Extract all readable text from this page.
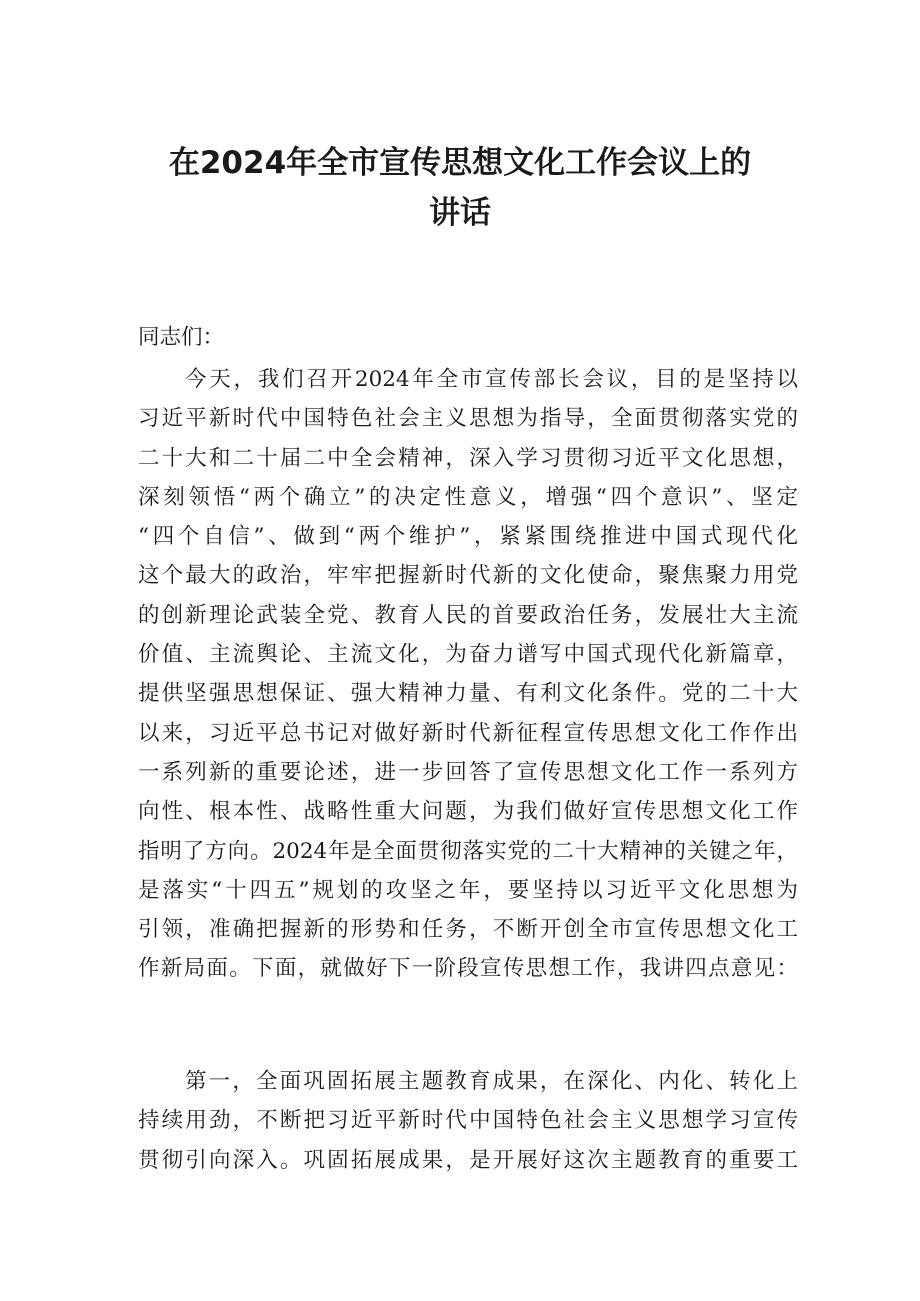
在2024年全市宣传思想文化工作会议上的
讲话
同志们：
今天，我们召开2024年全市宣传部长会议，目的是坚持以
习近平新时代中国特色社会主义思想为指导，全面贯彻落实党的
二十大和二十届二中全会精神，深入学习贯彻习近平文化思想，
深刻领悟“两个确立”的决定性意义，增强“四个意识”、坚定
“四个自信”、做到“两个维护”，紧紧围绕推进中国式现代化
这个最大的政治，牢牢把握新时代新的文化使命，聚焦聚力用党
的创新理论武装全党、教育人民的首要政治任务，发展壮大主流
价值、主流舆论、主流文化，为奋力谱写中国式现代化新篇章，
提供坚强思想保证、强大精神力量、有利文化条件。党的二十大
以来，习近平总书记对做好新时代新征程宣传思想文化工作作出
一系列新的重要论述，进一步回答了宣传思想文化工作一系列方
向性、根本性、战略性重大问题，为我们做好宣传思想文化工作
指明了方向。2024年是全面贯彻落实党的二十大精神的关键之年，
是落实“十四五”规划的攻坚之年，要坚持以习近平文化思想为
引领，准确把握新的形势和任务，不断开创全市宣传思想文化工
作新局面。下面，就做好下一阶段宣传思想工作，我讲四点意见：
第一，全面巩固拓展主题教育成果，在深化、内化、转化上
持续用劲，不断把习近平新时代中国特色社会主义思想学习宣传
贯彻引向深入。巩固拓展成果，是开展好这次主题教育的重要工
